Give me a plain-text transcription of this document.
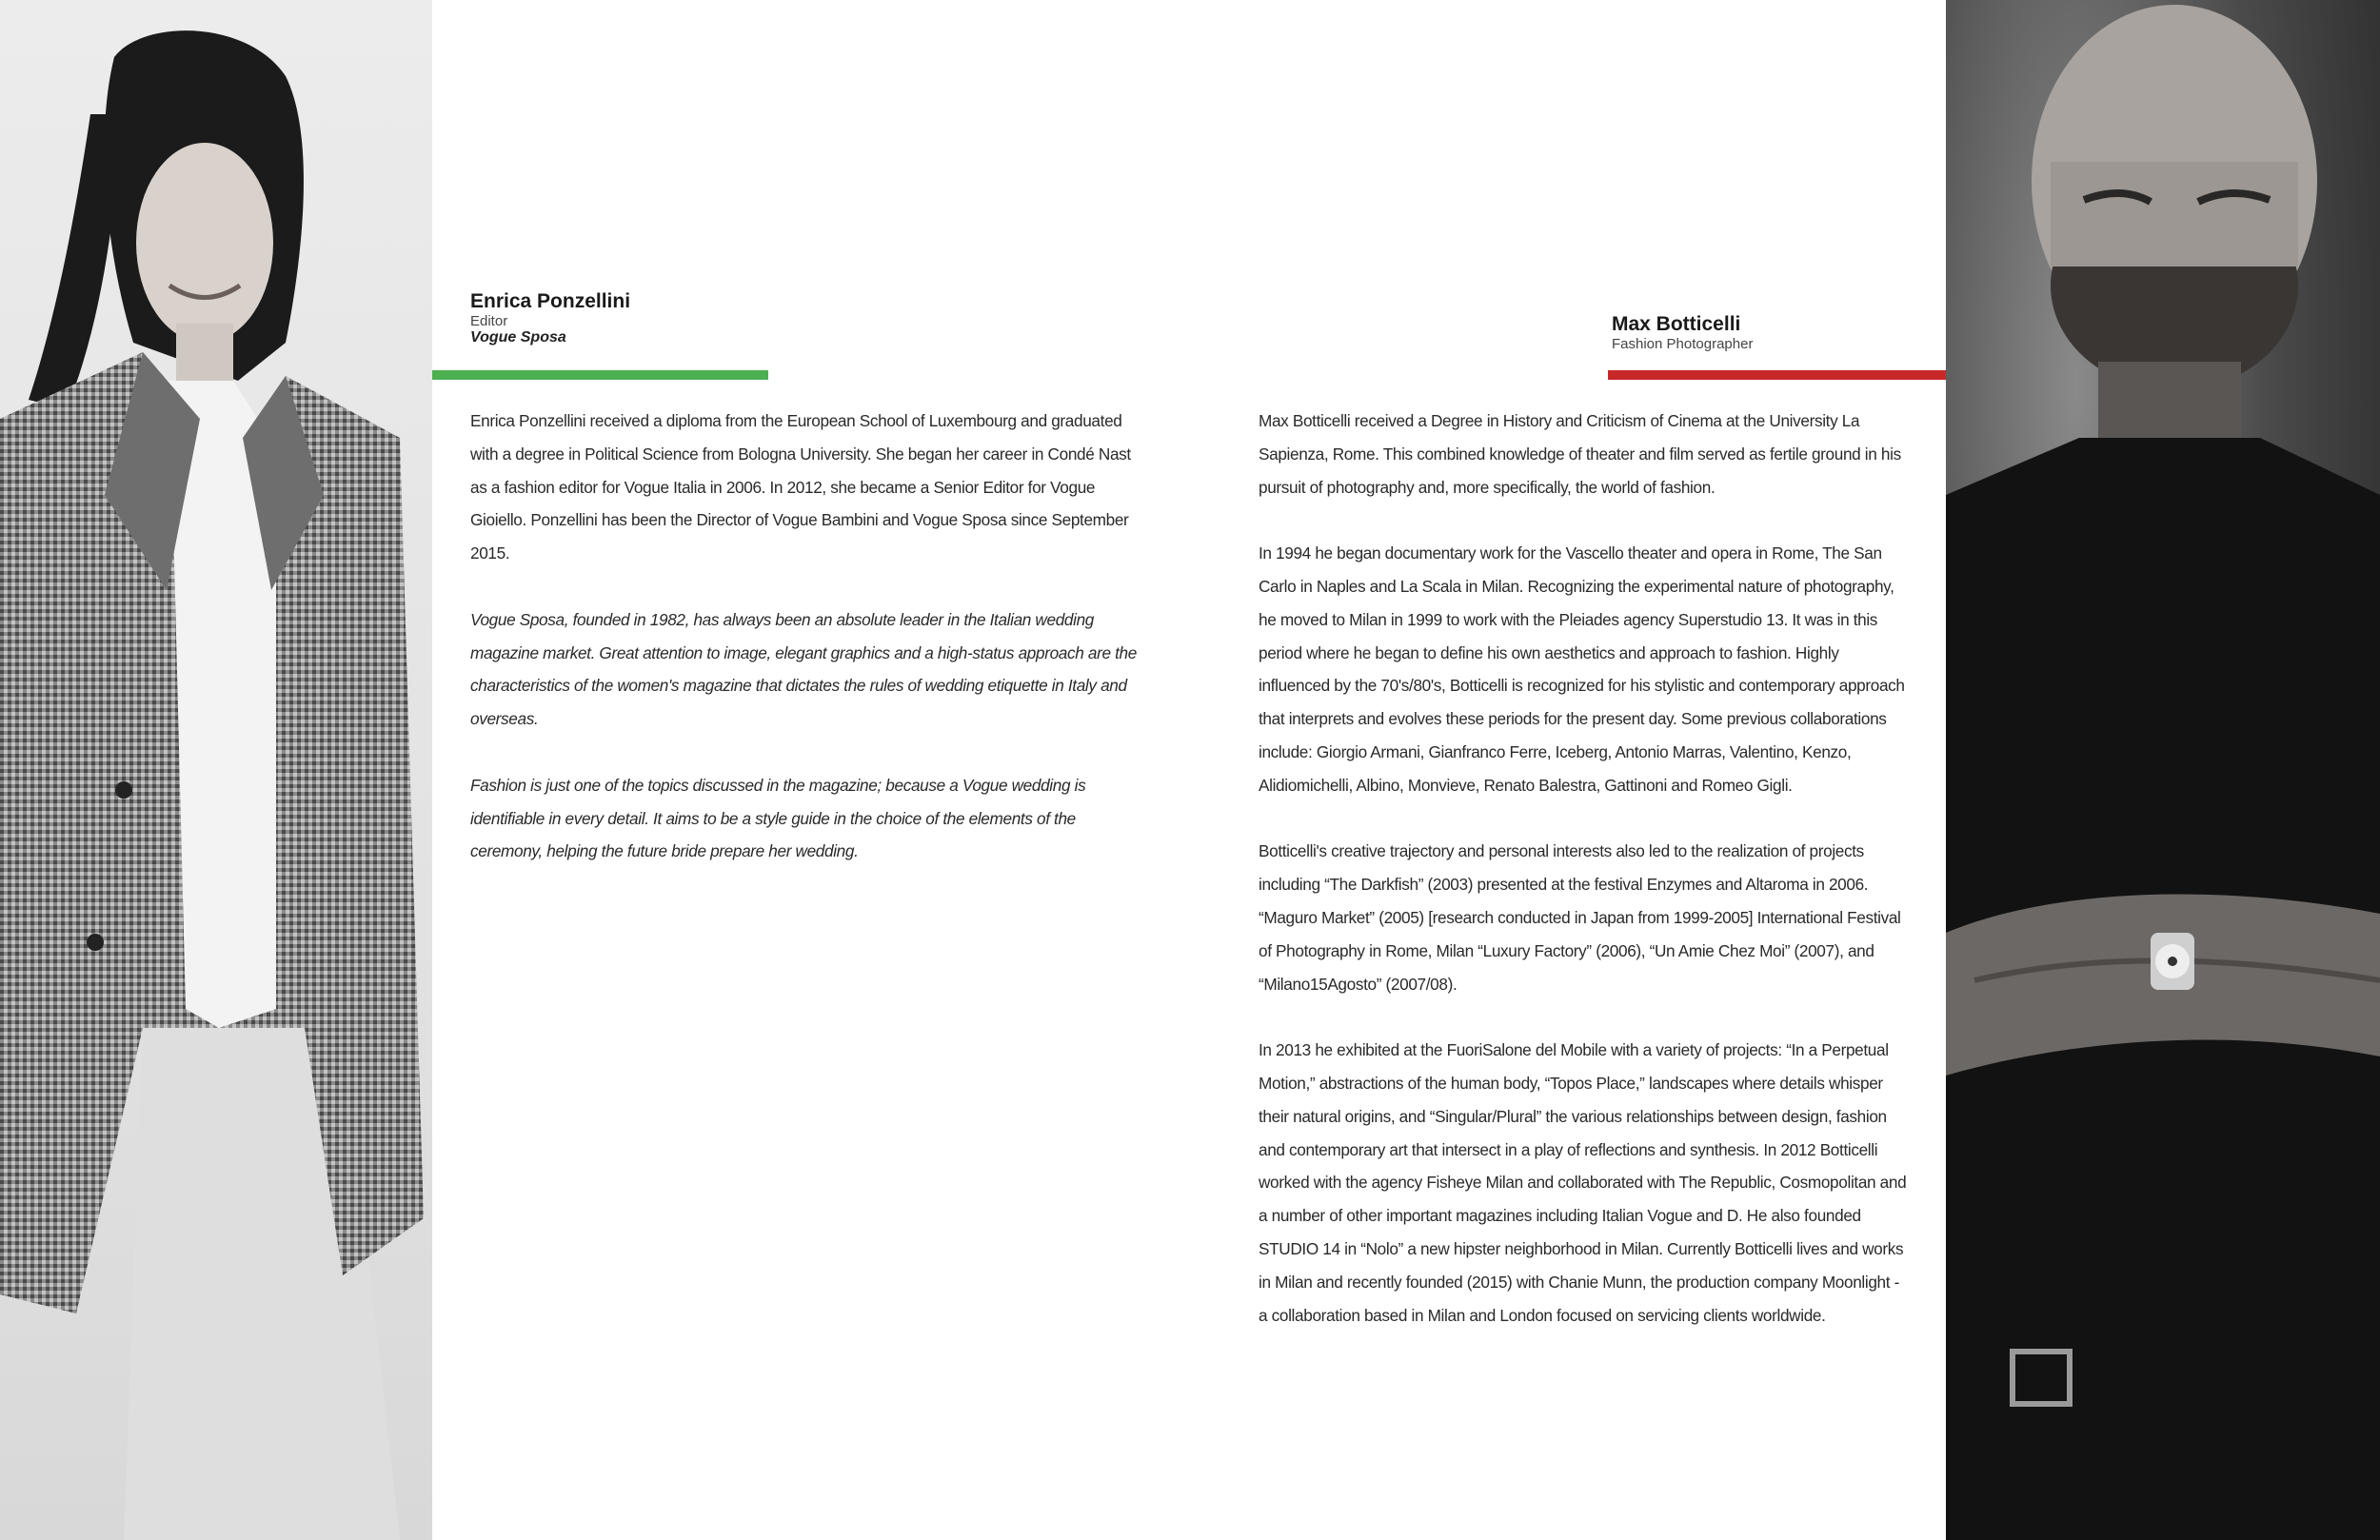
Enrica Ponzellini
Editor
Vogue Sposa
Max Botticelli
Fashion Photographer

Enrica Ponzellini received a diploma from the European School of Luxembourg and graduated with a degree in Political Science from Bologna University. She began her career in Condé Nast as a fashion editor for Vogue Italia in 2006. In 2012, she became a Senior Editor for Vogue Gioiello. Ponzellini has been the Director of Vogue Bambini and Vogue Sposa since September 2015.

Vogue Sposa, founded in 1982, has always been an absolute leader in the Italian wedding magazine market. Great attention to image, elegant graphics and a high-status approach are the characteristics of the women's magazine that dictates the rules of wedding etiquette in Italy and overseas.

Fashion is just one of the topics discussed in the magazine; because a Vogue wedding is identifiable in every detail. It aims to be a style guide in the choice of the elements of the ceremony, helping the future bride prepare her wedding.

Max Botticelli received a Degree in History and Criticism of Cinema at the University La Sapienza, Rome. This combined knowledge of theater and film served as fertile ground in his pursuit of photography and, more specifically, the world of fashion.

In 1994 he began documentary work for the Vascello theater and opera in Rome, The San Carlo in Naples and La Scala in Milan. Recognizing the experimental nature of photography, he moved to Milan in 1999 to work with the Pleiades agency Superstudio 13. It was in this period where he began to define his own aesthetics and approach to fashion. Highly influenced by the 70's/80's, Botticelli is recognized for his stylistic and contemporary approach that interprets and evolves these periods for the present day. Some previous collaborations include: Giorgio Armani, Gianfranco Ferre, Iceberg, Antonio Marras, Valentino, Kenzo, Alidiomichelli, Albino, Monvieve, Renato Balestra, Gattinoni and Romeo Gigli.

Botticelli's creative trajectory and personal interests also led to the realization of projects including “The Darkfish” (2003) presented at the festival Enzymes and Altaroma in 2006. “Maguro Market” (2005) [research conducted in Japan from 1999-2005] International Festival of Photography in Rome, Milan “Luxury Factory” (2006), “Un Amie Chez Moi” (2007), and “Milano15Agosto” (2007/08).

In 2013 he exhibited at the FuoriSalone del Mobile with a variety of projects: “In a Perpetual Motion,” abstractions of the human body, “Topos Place,” landscapes where details whisper their natural origins, and “Singular/Plural” the various relationships between design, fashion and contemporary art that intersect in a play of reflections and synthesis. In 2012 Botticelli worked with the agency Fisheye Milan and collaborated with The Republic, Cosmopolitan and a number of other important magazines including Italian Vogue and D. He also founded STUDIO 14 in “Nolo” a new hipster neighborhood in Milan. Currently Botticelli lives and works in Milan and recently founded (2015) with Chanie Munn, the production company Moonlight - a collaboration based in Milan and London focused on servicing clients worldwide.
